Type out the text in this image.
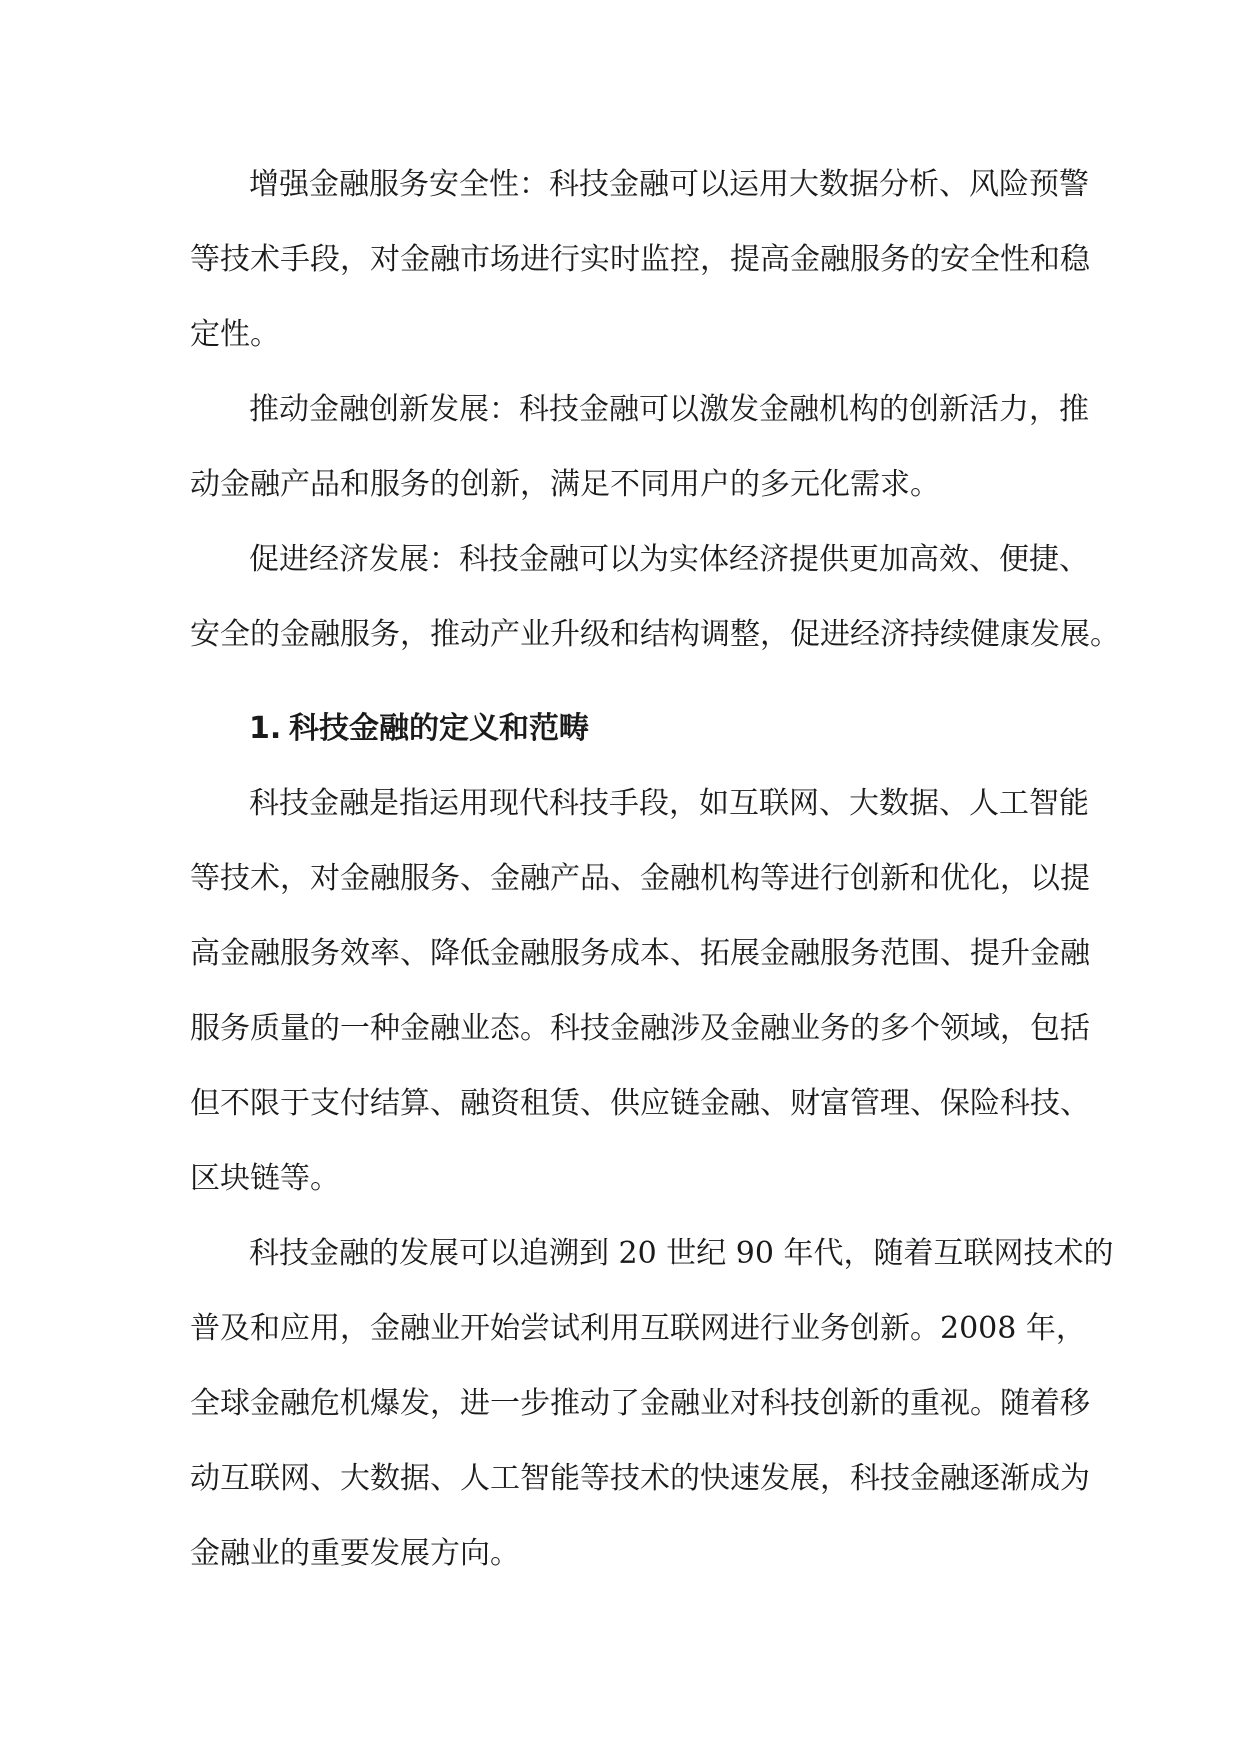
增强金融服务安全性：科技金融可以运用大数据分析、风险预警
等技术手段，对金融市场进行实时监控，提高金融服务的安全性和稳
定性。

推动金融创新发展：科技金融可以激发金融机构的创新活力，推
动金融产品和服务的创新，满足不同用户的多元化需求。

促进经济发展：科技金融可以为实体经济提供更加高效、便捷、
安全的金融服务，推动产业升级和结构调整，促进经济持续健康发展。

1. 科技金融的定义和范畴

科技金融是指运用现代科技手段，如互联网、大数据、人工智能
等技术，对金融服务、金融产品、金融机构等进行创新和优化，以提
高金融服务效率、降低金融服务成本、拓展金融服务范围、提升金融
服务质量的一种金融业态。科技金融涉及金融业务的多个领域，包括
但不限于支付结算、融资租赁、供应链金融、财富管理、保险科技、
区块链等。

科技金融的发展可以追溯到 20 世纪 90 年代，随着互联网技术的
普及和应用，金融业开始尝试利用互联网进行业务创新。2008 年，
全球金融危机爆发，进一步推动了金融业对科技创新的重视。随着移
动互联网、大数据、人工智能等技术的快速发展，科技金融逐渐成为
金融业的重要发展方向。
